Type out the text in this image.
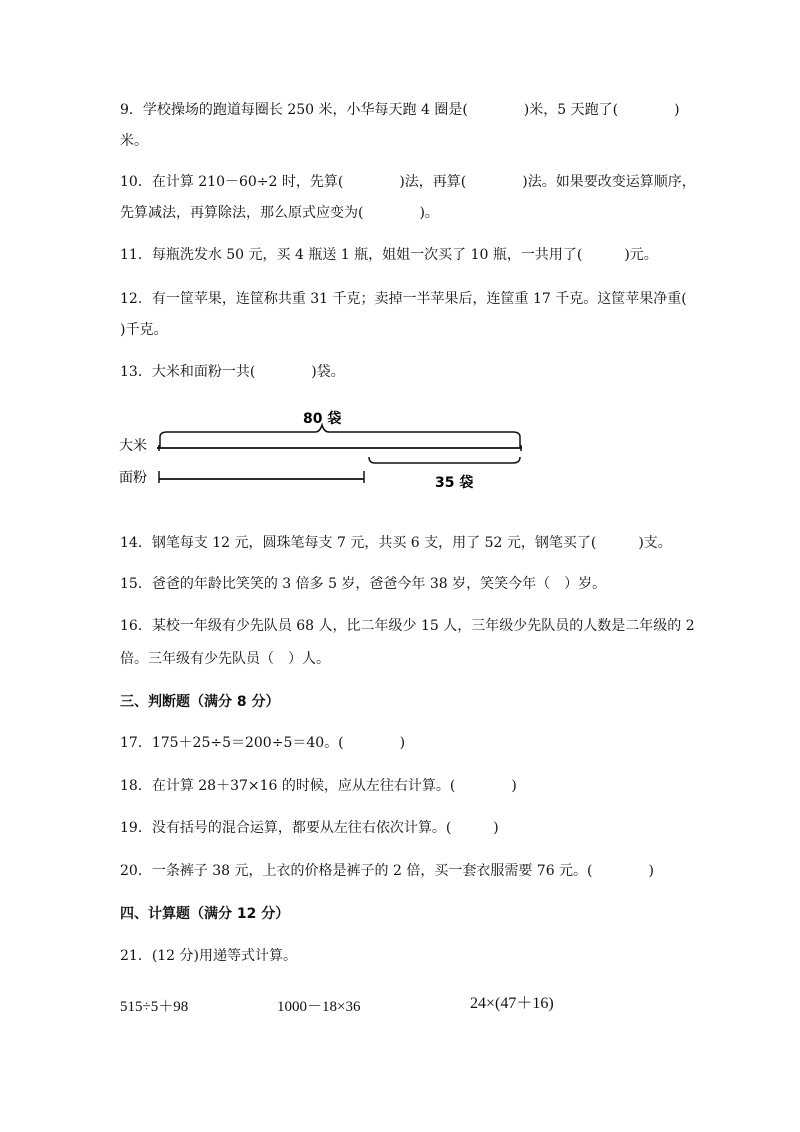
9．学校操场的跑道每圈长 250 米，小华每天跑 4 圈是(　　　　)米，5 天跑了(　　　　)
米。
10．在计算 210－60÷2 时，先算(　　　　)法，再算(　　　　)法。如果要改变运算顺序，
先算减法，再算除法，那么原式应变为(　　　　)。
11．每瓶洗发水 50 元，买 4 瓶送 1 瓶，姐姐一次买了 10 瓶，一共用了(　　　)元。
12．有一筐苹果，连筐称共重 31 千克；卖掉一半苹果后，连筐重 17 千克。这筐苹果净重(
)千克。
13．大米和面粉一共(　　　　)袋。
80 袋
大米
面粉	35 袋
14．钢笔每支 12 元，圆珠笔每支 7 元，共买 6 支，用了 52 元，钢笔买了(　　　)支。
15．爸爸的年龄比笑笑的 3 倍多 5 岁，爸爸今年 38 岁，笑笑今年（　）岁。
16．某校一年级有少先队员 68 人，比二年级少 15 人，三年级少先队员的人数是二年级的 2
倍。三年级有少先队员（　）人。
三、判断题（满分 8 分）
17．175＋25÷5＝200÷5＝40。(　　　　)
18．在计算 28＋37×16 的时候，应从左往右计算。(　　　　)
19．没有括号的混合运算，都要从左往右依次计算。(　　　)
20．一条裤子 38 元，上衣的价格是裤子的 2 倍，买一套衣服需要 76 元。(　　　　)
四、计算题（满分 12 分）
21．(12 分)用递等式计算。
515÷5＋98	1000－18×36	24×(47＋16)
